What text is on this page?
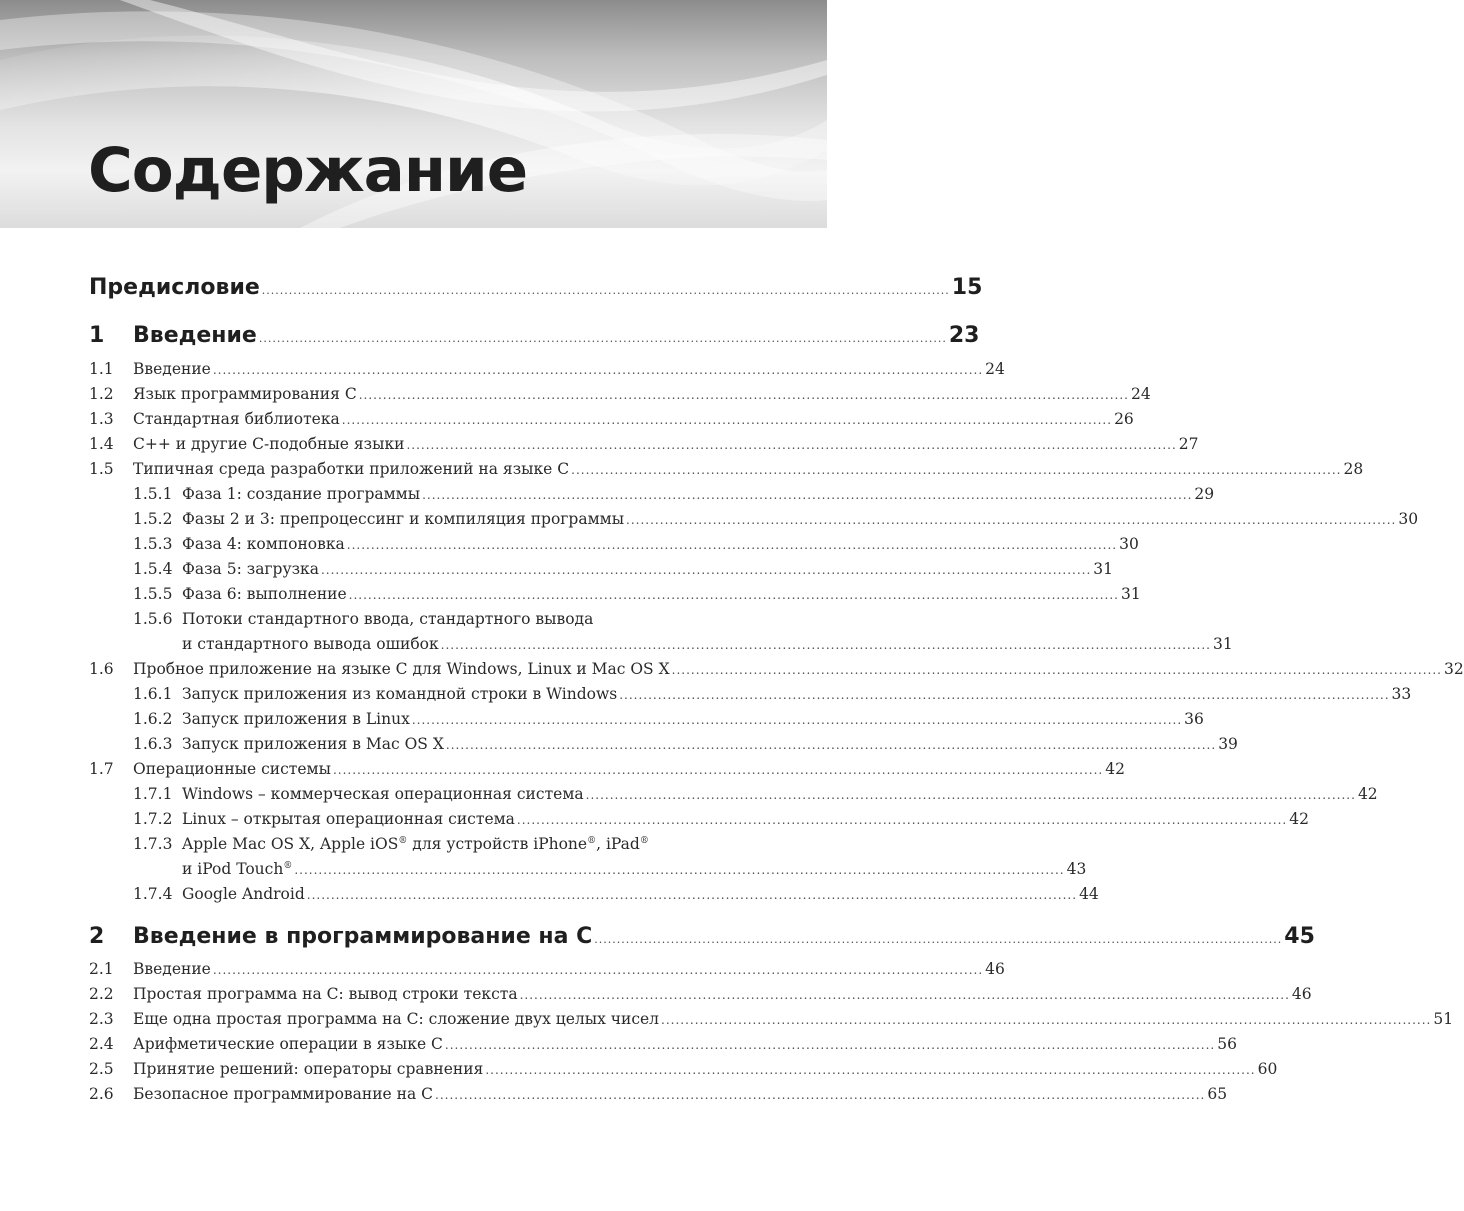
Содержание
Предисловие ......................................................................................................................................................... 15
1	Введение ......................................................................................................................................................... 23
1.1	Введение ................................................................................................................................................................ 24
1.2	Язык программирования C ................................................................................................................................................................ 24
1.3	Стандартная библиотека ................................................................................................................................................................ 26
1.4	C++ и другие C-подобные языки ................................................................................................................................................................ 27
1.5	Типичная среда разработки приложений на языке C ................................................................................................................................................................ 28
1.5.1 Фаза 1: создание программы ................................................................................................................................................................ 29
1.5.2 Фазы 2 и 3: препроцессинг и компиляция программы ................................................................................................................................................................ 30
1.5.3 Фаза 4: компоновка ................................................................................................................................................................ 30
1.5.4 Фаза 5: загрузка ................................................................................................................................................................ 31
1.5.5 Фаза 6: выполнение ................................................................................................................................................................ 31
1.5.6 Потоки стандартного ввода, стандартного вывода
и стандартного вывода ошибок ................................................................................................................................................................ 31
1.6	Пробное приложение на языке C для Windows, Linux и Mac OS X ................................................................................................................................................................ 32
1.6.1 Запуск приложения из командной строки в Windows ................................................................................................................................................................ 33
1.6.2 Запуск приложения в Linux ................................................................................................................................................................ 36
1.6.3 Запуск приложения в Mac OS X ................................................................................................................................................................ 39
1.7	Операционные системы ................................................................................................................................................................ 42
1.7.1 Windows – коммерческая операционная система ................................................................................................................................................................ 42
1.7.2 Linux – открытая операционная система ................................................................................................................................................................ 42
1.7.3 Apple Mac OS X, Apple iOS® для устройств iPhone®, iPad®
и iPod Touch® ................................................................................................................................................................ 43
1.7.4 Google Android ................................................................................................................................................................ 44
2	Введение в программирование на C ......................................................................................................................................................... 45
2.1	Введение ................................................................................................................................................................ 46
2.2	Простая программа на C: вывод строки текста ................................................................................................................................................................ 46
2.3	Еще одна простая программа на C: сложение двух целых чисел ................................................................................................................................................................ 51
2.4	Арифметические операции в языке C ................................................................................................................................................................ 56
2.5	Принятие решений: операторы сравнения ................................................................................................................................................................ 60
2.6	Безопасное программирование на C ................................................................................................................................................................ 65
